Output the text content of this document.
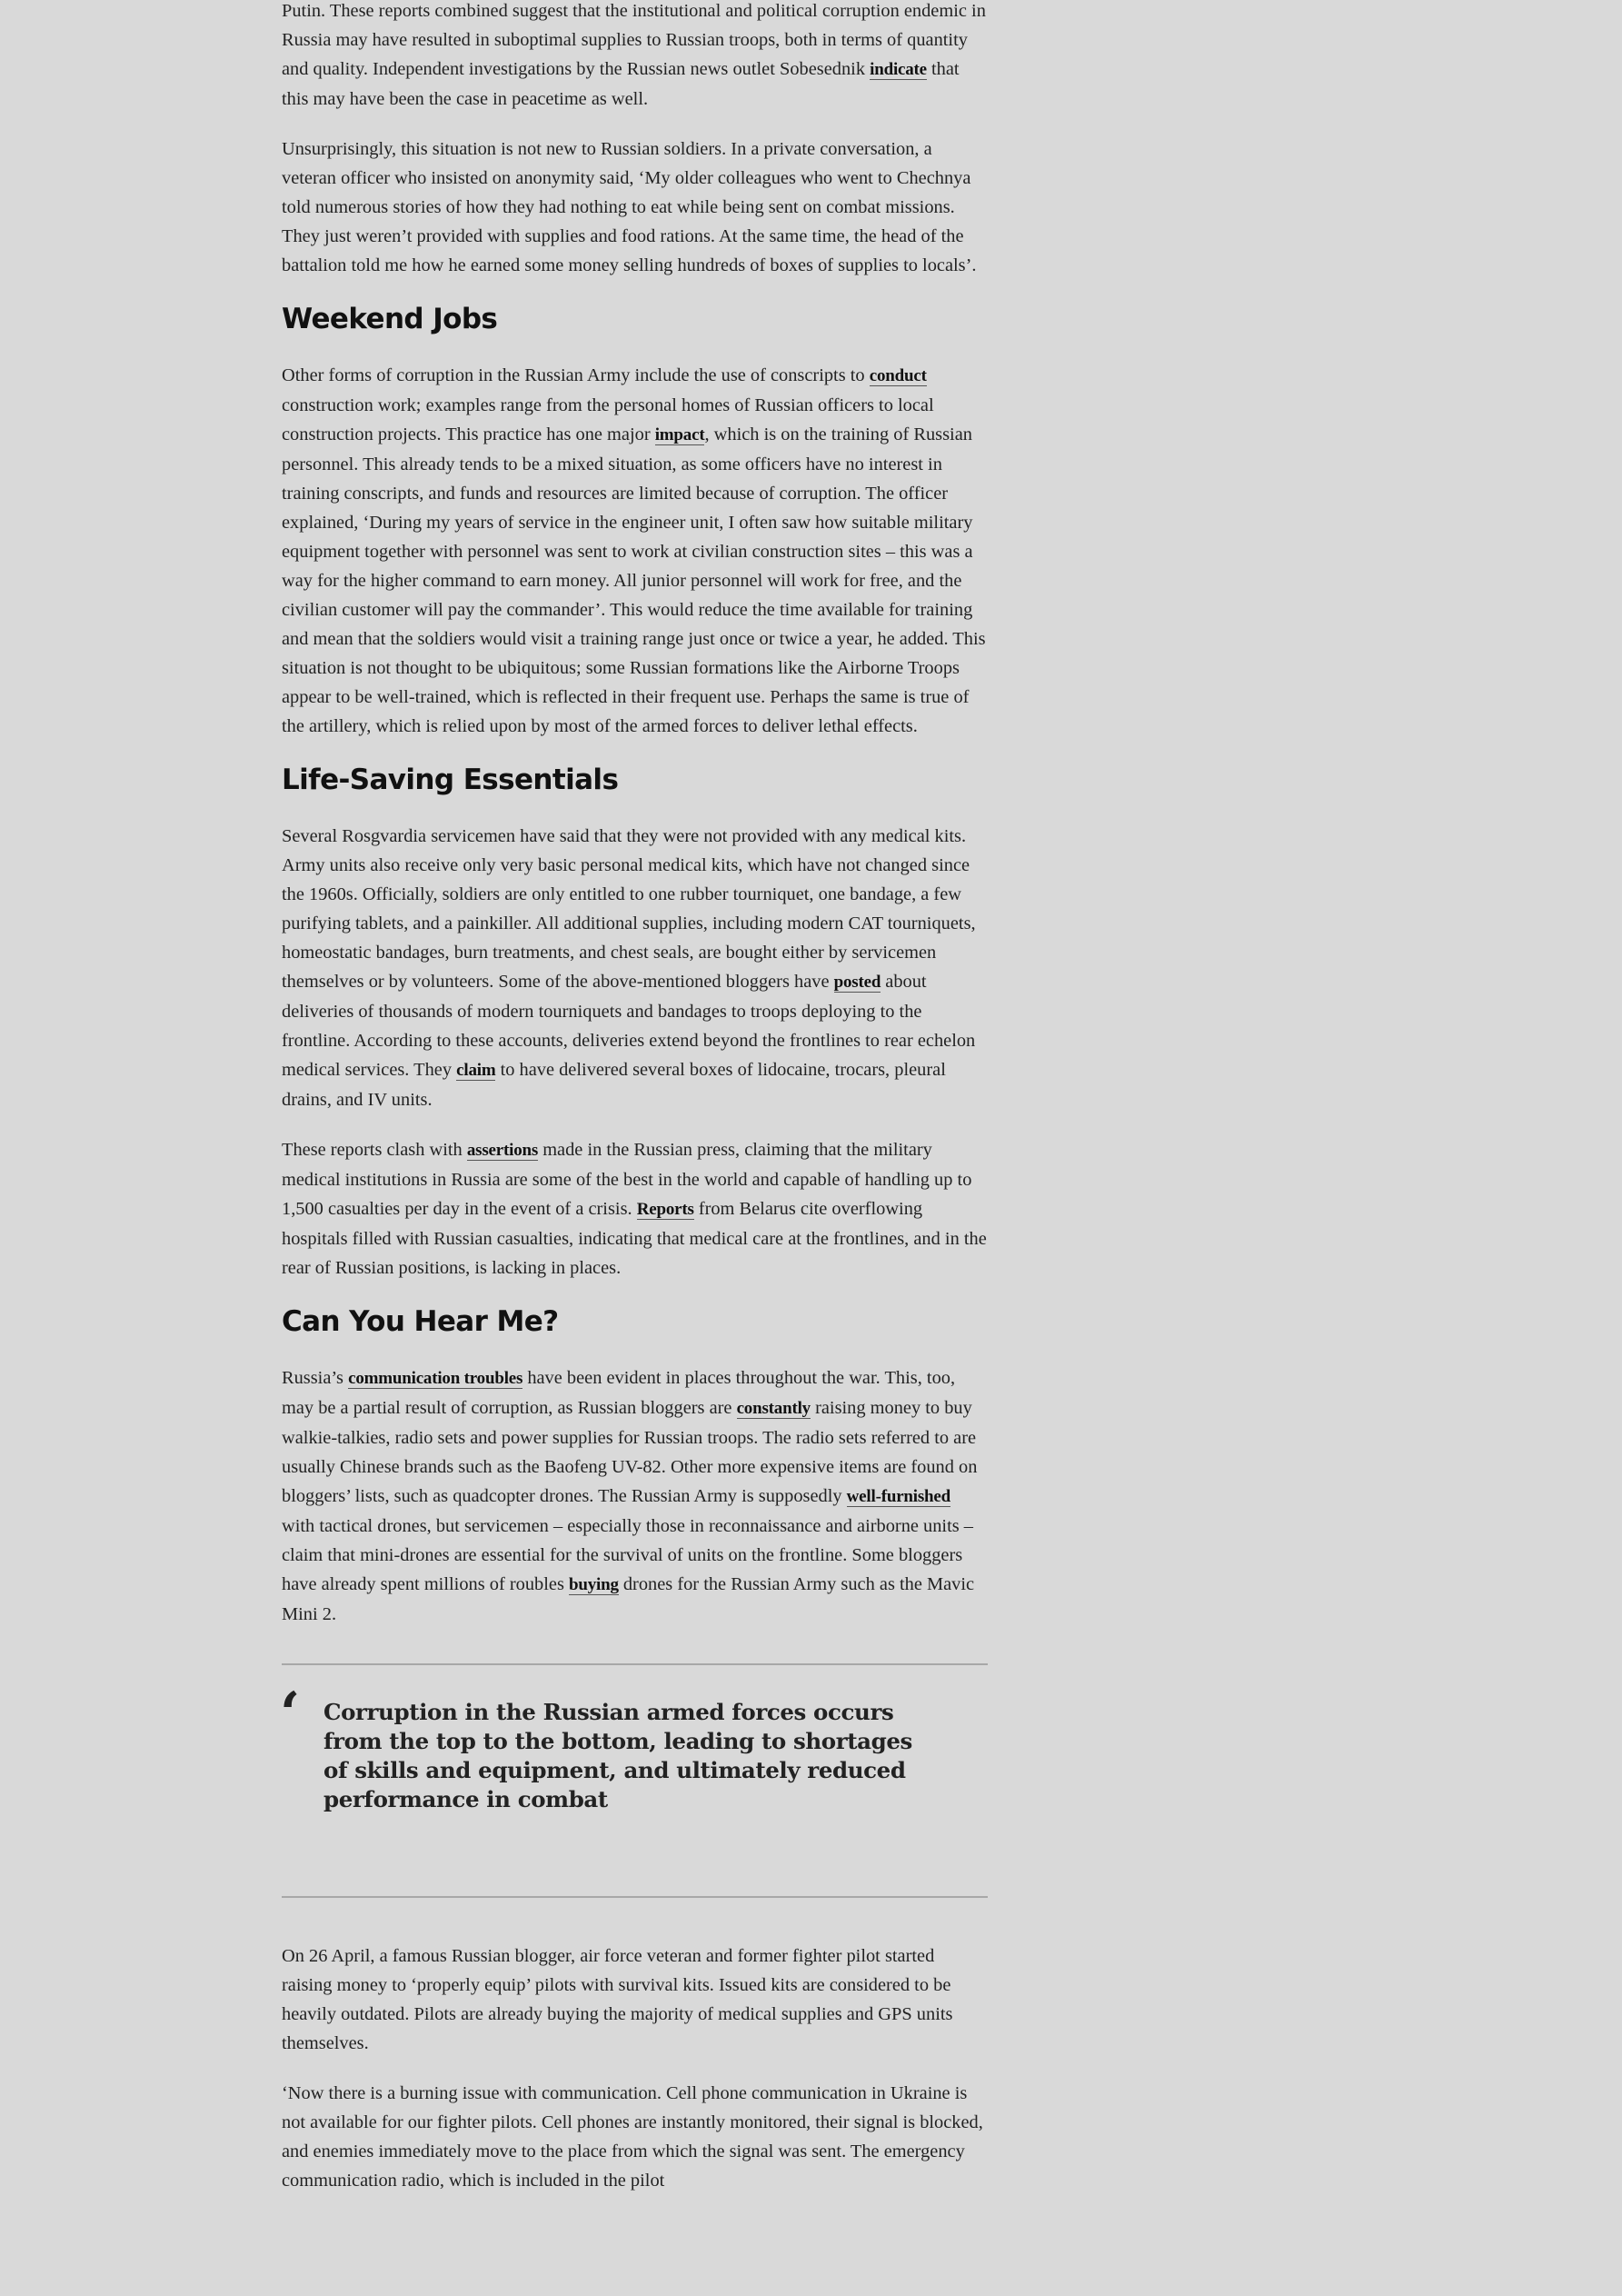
Putin. These reports combined suggest that the institutional and political corruption endemic in Russia may have resulted in suboptimal supplies to Russian troops, both in terms of quantity and quality. Independent investigations by the Russian news outlet Sobesednik indicate that this may have been the case in peacetime as well.

Unsurprisingly, this situation is not new to Russian soldiers. In a private conversation, a veteran officer who insisted on anonymity said, ‘My older colleagues who went to Chechnya told numerous stories of how they had nothing to eat while being sent on combat missions. They just weren’t provided with supplies and food rations. At the same time, the head of the battalion told me how he earned some money selling hundreds of boxes of supplies to locals’.

Weekend Jobs

Other forms of corruption in the Russian Army include the use of conscripts to conduct construction work; examples range from the personal homes of Russian officers to local construction projects. This practice has one major impact, which is on the training of Russian personnel. This already tends to be a mixed situation, as some officers have no interest in training conscripts, and funds and resources are limited because of corruption. The officer explained, ‘During my years of service in the engineer unit, I often saw how suitable military equipment together with personnel was sent to work at civilian construction sites – this was a way for the higher command to earn money. All junior personnel will work for free, and the civilian customer will pay the commander’. This would reduce the time available for training and mean that the soldiers would visit a training range just once or twice a year, he added. This situation is not thought to be ubiquitous; some Russian formations like the Airborne Troops appear to be well-trained, which is reflected in their frequent use. Perhaps the same is true of the artillery, which is relied upon by most of the armed forces to deliver lethal effects.

Life-Saving Essentials

Several Rosgvardia servicemen have said that they were not provided with any medical kits. Army units also receive only very basic personal medical kits, which have not changed since the 1960s. Officially, soldiers are only entitled to one rubber tourniquet, one bandage, a few purifying tablets, and a painkiller. All additional supplies, including modern CAT tourniquets, homeostatic bandages, burn treatments, and chest seals, are bought either by servicemen themselves or by volunteers. Some of the above-mentioned bloggers have posted about deliveries of thousands of modern tourniquets and bandages to troops deploying to the frontline. According to these accounts, deliveries extend beyond the frontlines to rear echelon medical services. They claim to have delivered several boxes of lidocaine, trocars, pleural drains, and IV units.

These reports clash with assertions made in the Russian press, claiming that the military medical institutions in Russia are some of the best in the world and capable of handling up to 1,500 casualties per day in the event of a crisis. Reports from Belarus cite overflowing hospitals filled with Russian casualties, indicating that medical care at the frontlines, and in the rear of Russian positions, is lacking in places.

Can You Hear Me?

Russia’s communication troubles have been evident in places throughout the war. This, too, may be a partial result of corruption, as Russian bloggers are constantly raising money to buy walkie-talkies, radio sets and power supplies for Russian troops. The radio sets referred to are usually Chinese brands such as the Baofeng UV-82. Other more expensive items are found on bloggers’ lists, such as quadcopter drones. The Russian Army is supposedly well-furnished with tactical drones, but servicemen – especially those in reconnaissance and airborne units – claim that mini-drones are essential for the survival of units on the frontline. Some bloggers have already spent millions of roubles buying drones for the Russian Army such as the Mavic Mini 2.

‘ Corruption in the Russian armed forces occurs from the top to the bottom, leading to shortages of skills and equipment, and ultimately reduced performance in combat

On 26 April, a famous Russian blogger, air force veteran and former fighter pilot started raising money to ‘properly equip’ pilots with survival kits. Issued kits are considered to be heavily outdated. Pilots are already buying the majority of medical supplies and GPS units themselves.

‘Now there is a burning issue with communication. Cell phone communication in Ukraine is not available for our fighter pilots. Cell phones are instantly monitored, their signal is blocked, and enemies immediately move to the place from which the signal was sent. The emergency communication radio, which is included in the pilot
